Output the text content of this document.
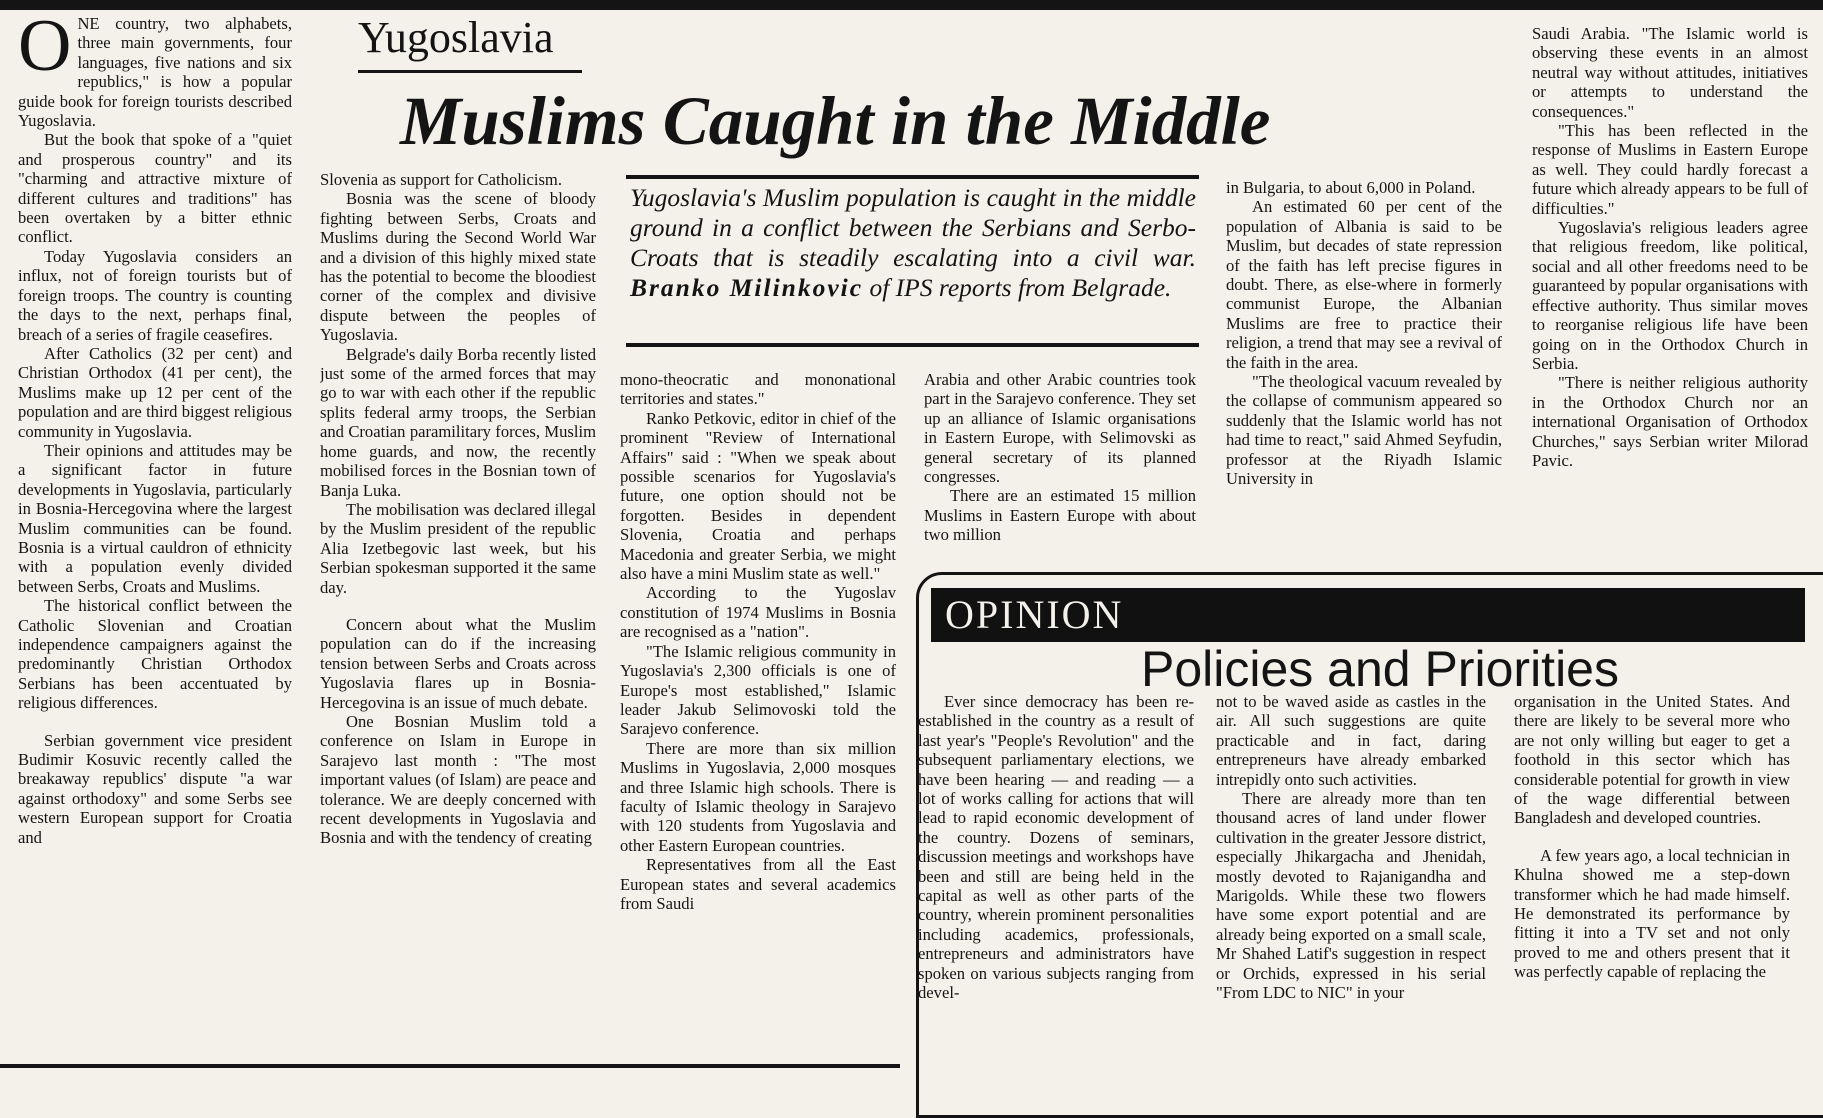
ONE country, two alphabets, three main governments, four languages, five nations and six republics," is how a popular guide book for foreign tourists described Yugoslavia.

But the book that spoke of a "quiet and prosperous country" and its "charming and attractive mixture of different cultures and traditions" has been overtaken by a bitter ethnic conflict.

Today Yugoslavia considers an influx, not of foreign tourists but of foreign troops. The country is counting the days to the next, perhaps final, breach of a series of fragile ceasefires.

After Catholics (32 per cent) and Christian Orthodox (41 per cent), the Muslims make up 12 per cent of the population and are third biggest religious community in Yugoslavia.

Their opinions and attitudes may be a significant factor in future developments in Yugoslavia, particularly in Bosnia-Hercegovina where the largest Muslim communities can be found. Bosnia is a virtual cauldron of ethnicity with a population evenly divided between Serbs, Croats and Muslims.

The historical conflict between the Catholic Slovenian and Croatian independence campaigners against the predominantly Christian Orthodox Serbians has been accentuated by religious differences.

Serbian government vice president Budimir Kosuvic recently called the breakaway republics' dispute "a war against orthodoxy" and some Serbs see western European support for Croatia and

Yugoslavia
Muslims Caught in the Middle

Slovenia as support for Catholicism.

Bosnia was the scene of bloody fighting between Serbs, Croats and Muslims during the Second World War and a division of this highly mixed state has the potential to become the bloodiest corner of the complex and divisive dispute between the peoples of Yugoslavia.

Belgrade's daily Borba recently listed just some of the armed forces that may go to war with each other if the republic splits federal army troops, the Serbian and Croatian paramilitary forces, Muslim home guards, and now, the recently mobilised forces in the Bosnian town of Banja Luka.

The mobilisation was declared illegal by the Muslim president of the republic Alia Izetbegovic last week, but his Serbian spokesman supported it the same day.

Concern about what the Muslim population can do if the increasing tension between Serbs and Croats across Yugoslavia flares up in Bosnia-Hercegovina is an issue of much debate.

One Bosnian Muslim told a conference on Islam in Europe in Sarajevo last month : "The most important values (of Islam) are peace and tolerance. We are deeply concerned with recent developments in Yugoslavia and Bosnia and with the tendency of creating

Yugoslavia's Muslim population is caught in the middle ground in a conflict between the Serbians and Serbo-Croats that is steadily escalating into a civil war. Branko Milinkovic of IPS reports from Belgrade.

mono-theocratic and mononational territories and states."

Ranko Petkovic, editor in chief of the prominent "Review of International Affairs" said : "When we speak about possible scenarios for Yugoslavia's future, one option should not be forgotten. Besides in dependent Slovenia, Croatia and perhaps Macedonia and greater Serbia, we might also have a mini Muslim state as well."

According to the Yugoslav constitution of 1974 Muslims in Bosnia are recognised as a "nation".

"The Islamic religious community in Yugoslavia's 2,300 officials is one of Europe's most established," Islamic leader Jakub Selimovoski told the Sarajevo conference.

There are more than six million Muslims in Yugoslavia, 2,000 mosques and three Islamic high schools. There is faculty of Islamic theology in Sarajevo with 120 students from Yugoslavia and other Eastern European countries.

Representatives from all the East European states and several academics from Saudi

Arabia and other Arabic countries took part in the Sarajevo conference. They set up an alliance of Islamic organisations in Eastern Europe, with Selimovski as general secretary of its planned congresses.

There are an estimated 15 million Muslims in Eastern Europe with about two million

in Bulgaria, to about 6,000 in Poland.

An estimated 60 per cent of the population of Albania is said to be Muslim, but decades of state repression of the faith has left precise figures in doubt. There, as else-where in formerly communist Europe, the Albanian Muslims are free to practice their religion, a trend that may see a revival of the faith in the area.

"The theological vacuum revealed by the collapse of communism appeared so suddenly that the Islamic world has not had time to react," said Ahmed Seyfudin, professor at the Riyadh Islamic University in

Saudi Arabia. "The Islamic world is observing these events in an almost neutral way without attitudes, initiatives or attempts to understand the consequences."

"This has been reflected in the response of Muslims in Eastern Europe as well. They could hardly forecast a future which already appears to be full of difficulties."

Yugoslavia's religious leaders agree that religious freedom, like political, social and all other freedoms need to be guaranteed by popular organisations with effective authority. Thus similar moves to reorganise religious life have been going on in the Orthodox Church in Serbia.

"There is neither religious authority in the Orthodox Church nor an international Organisation of Orthodox Churches," says Serbian writer Milorad Pavic.

OPINION
Policies and Priorities

Ever since democracy has been re-established in the country as a result of last year's "People's Revolution" and the subsequent parliamentary elections, we have been hearing — and reading — a lot of works calling for actions that will lead to rapid economic development of the country. Dozens of seminars, discussion meetings and workshops have been and still are being held in the capital as well as other parts of the country, wherein prominent personalities including academics, professionals, entrepreneurs and administrators have spoken on various subjects ranging from devel-

not to be waved aside as castles in the air. All such suggestions are quite practicable and in fact, daring entrepreneurs have already embarked intrepidly onto such activities.

There are already more than ten thousand acres of land under flower cultivation in the greater Jessore district, especially Jhikargacha and Jhenidah, mostly devoted to Rajanigandha and Marigolds. While these two flowers have some export potential and are already being exported on a small scale, Mr Shahed Latif's suggestion in respect or Orchids, expressed in his serial "From LDC to NIC" in your

organisation in the United States. And there are likely to be several more who are not only willing but eager to get a foothold in this sector which has considerable potential for growth in view of the wage differential between Bangladesh and developed countries.

A few years ago, a local technician in Khulna showed me a step-down transformer which he had made himself. He demonstrated its performance by fitting it into a TV set and not only proved to me and others present that it was perfectly capable of replacing the
